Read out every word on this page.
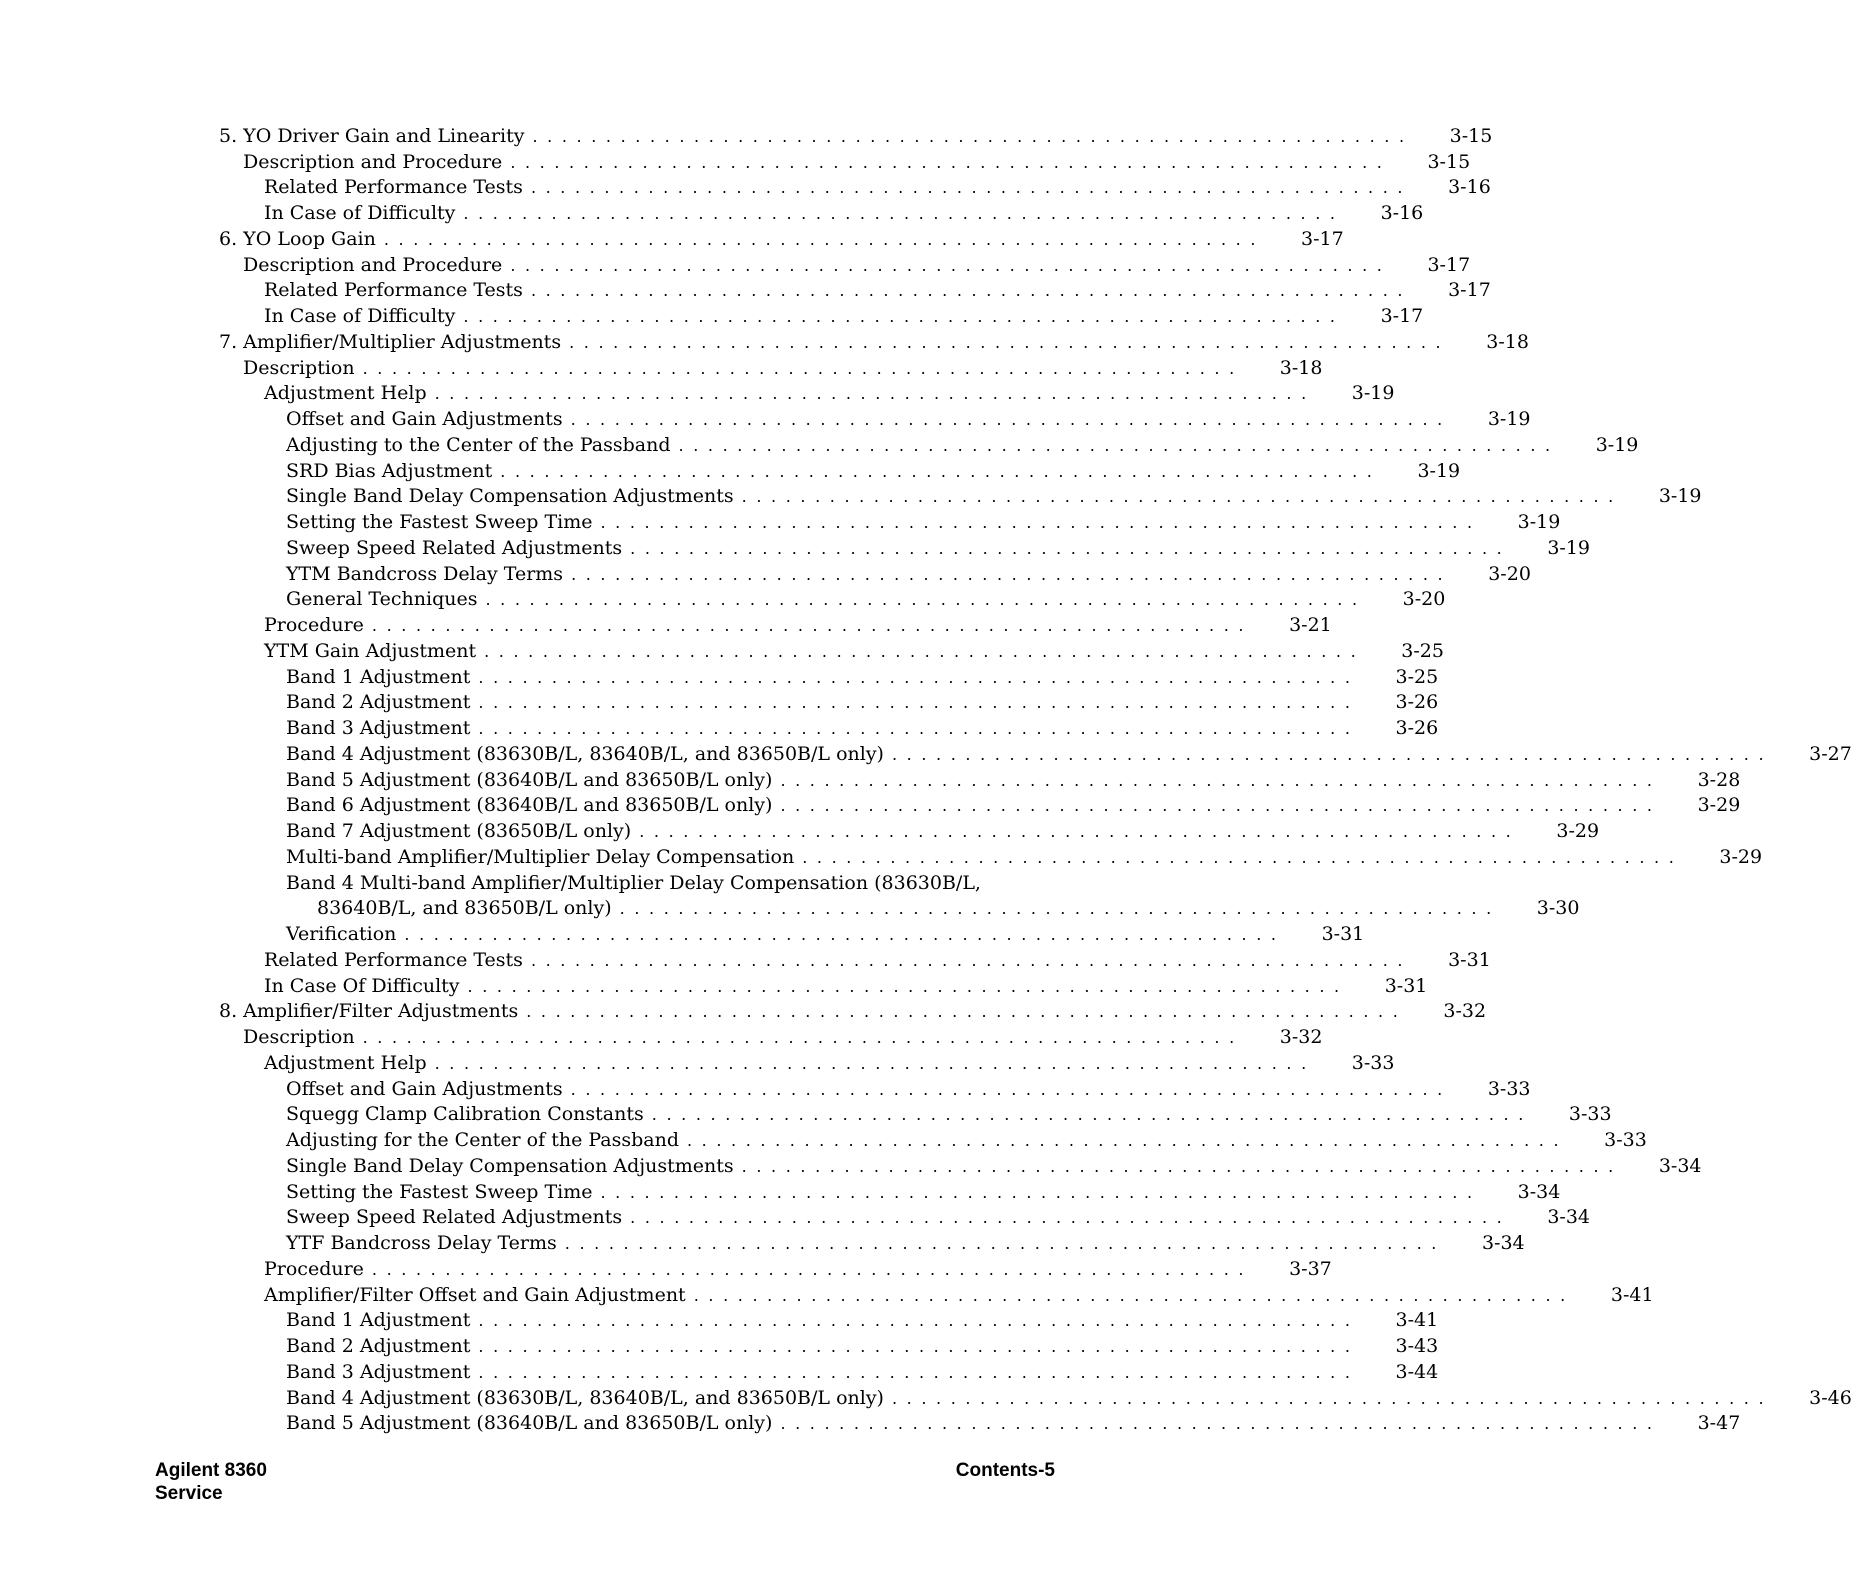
5. YO Driver Gain and Linearity ............................................................	3-15
Description and Procedure ............................................................	3-15
Related Performance Tests ............................................................	3-16
In Case of Difficulty ............................................................	3-16
6. YO Loop Gain ............................................................	3-17
Description and Procedure ............................................................	3-17
Related Performance Tests ............................................................	3-17
In Case of Difficulty ............................................................	3-17
7. Amplifier/Multiplier Adjustments ............................................................	3-18
Description ............................................................	3-18
Adjustment Help ............................................................	3-19
Offset and Gain Adjustments ............................................................	3-19
Adjusting to the Center of the Passband ............................................................	3-19
SRD Bias Adjustment ............................................................	3-19
Single Band Delay Compensation Adjustments ............................................................	3-19
Setting the Fastest Sweep Time ............................................................	3-19
Sweep Speed Related Adjustments ............................................................	3-19
YTM Bandcross Delay Terms ............................................................	3-20
General Techniques ............................................................	3-20
Procedure ............................................................	3-21
YTM Gain Adjustment ............................................................	3-25
Band 1 Adjustment ............................................................	3-25
Band 2 Adjustment ............................................................	3-26
Band 3 Adjustment ............................................................	3-26
Band 4 Adjustment (83630B/L, 83640B/L, and 83650B/L only) ............................................................	3-27
Band 5 Adjustment (83640B/L and 83650B/L only) ............................................................	3-28
Band 6 Adjustment (83640B/L and 83650B/L only) ............................................................	3-29
Band 7 Adjustment (83650B/L only) ............................................................	3-29
Multi-band Amplifier/Multiplier Delay Compensation ............................................................	3-29
Band 4 Multi-band Amplifier/Multiplier Delay Compensation (83630B/L,
83640B/L, and 83650B/L only) ............................................................	3-30
Verification ............................................................	3-31
Related Performance Tests ............................................................	3-31
In Case Of Difficulty ............................................................	3-31
8. Amplifier/Filter Adjustments ............................................................	3-32
Description ............................................................	3-32
Adjustment Help ............................................................	3-33
Offset and Gain Adjustments ............................................................	3-33
Squegg Clamp Calibration Constants ............................................................	3-33
Adjusting for the Center of the Passband ............................................................	3-33
Single Band Delay Compensation Adjustments ............................................................	3-34
Setting the Fastest Sweep Time ............................................................	3-34
Sweep Speed Related Adjustments ............................................................	3-34
YTF Bandcross Delay Terms ............................................................	3-34
Procedure ............................................................	3-37
Amplifier/Filter Offset and Gain Adjustment ............................................................	3-41
Band 1 Adjustment ............................................................	3-41
Band 2 Adjustment ............................................................	3-43
Band 3 Adjustment ............................................................	3-44
Band 4 Adjustment (83630B/L, 83640B/L, and 83650B/L only) ............................................................	3-46
Band 5 Adjustment (83640B/L and 83650B/L only) ............................................................	3-47
Agilent 8360
Service
Contents-5
